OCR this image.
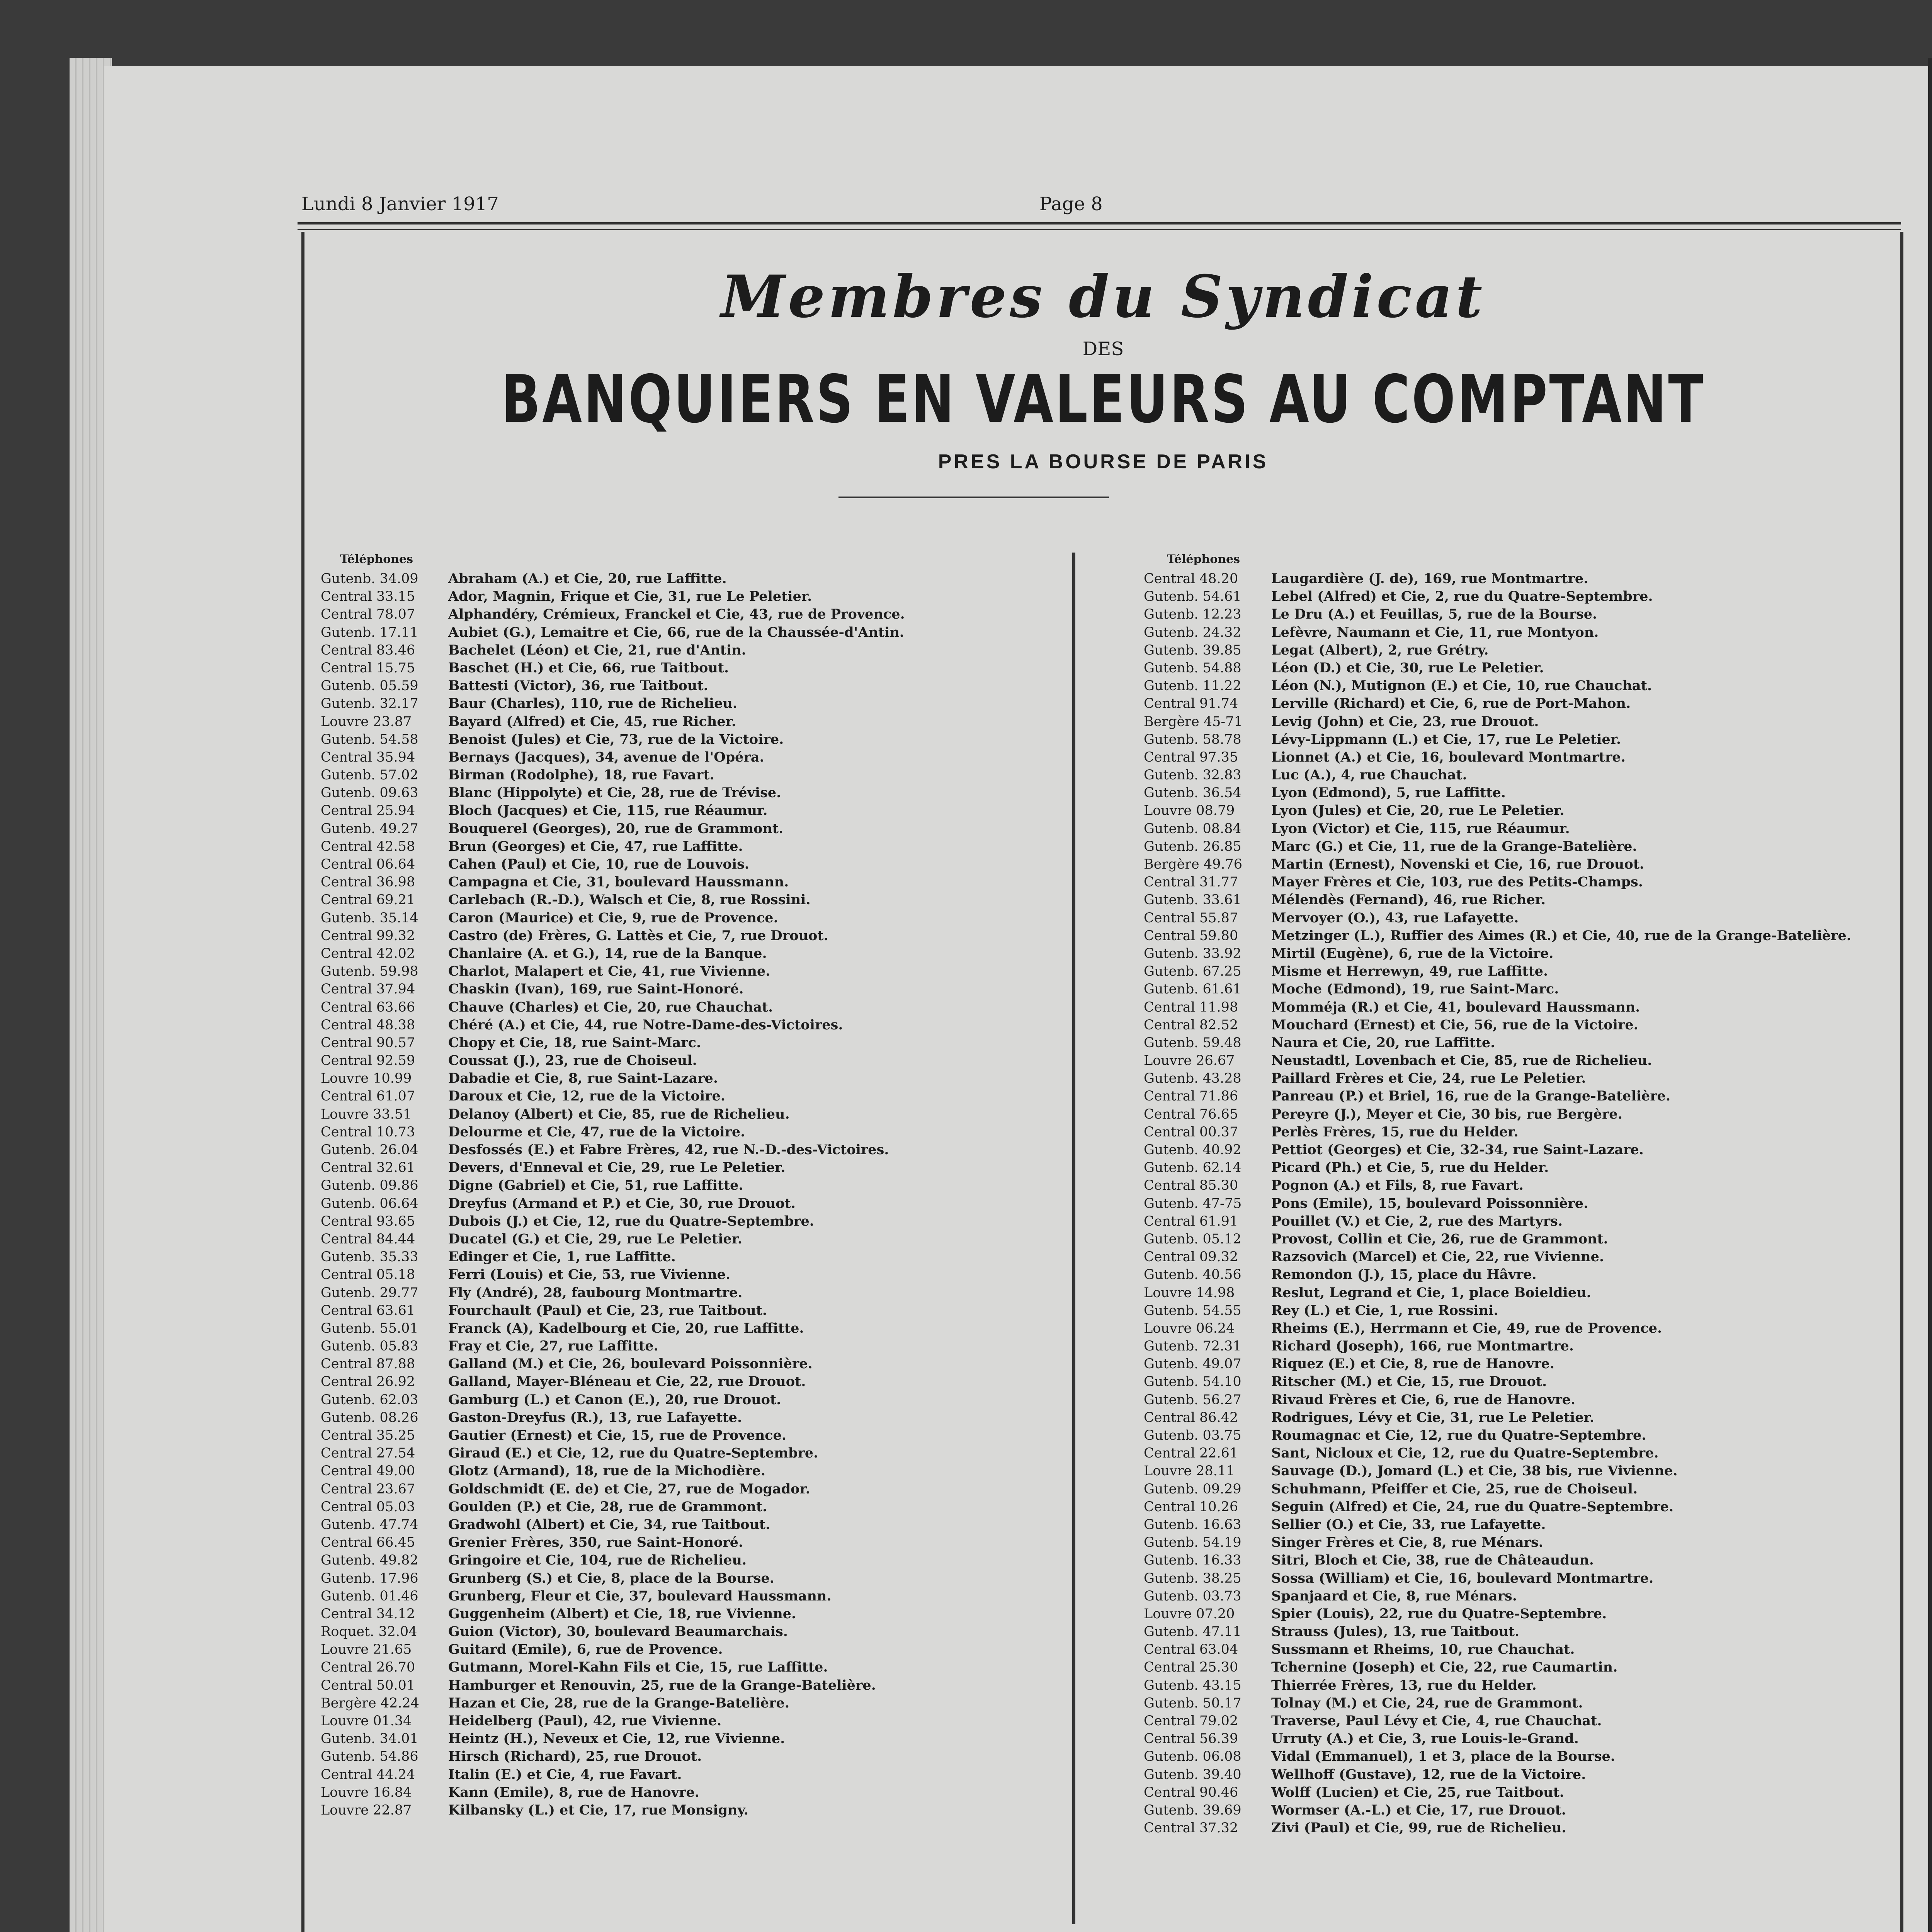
Lundi 8 Janvier 1917	Page 8
Membres du Syndicat
DES
BANQUIERS EN VALEURS AU COMPTANT
PRES LA BOURSE DE PARIS
Téléphones	Téléphones
Gutenb. 34.09 Abraham (A.) et Cie, 20, rue Laffitte.
Central 33.15 Ador, Magnin, Frique et Cie, 31, rue Le Peletier.
Central 78.07 Alphandéry, Crémieux, Franckel et Cie, 43, rue de Provence.
Gutenb. 17.11 Aubiet (G.), Lemaitre et Cie, 66, rue de la Chaussée-d'Antin.
Central 83.46 Bachelet (Léon) et Cie, 21, rue d'Antin.
Central 15.75 Baschet (H.) et Cie, 66, rue Taitbout.
Gutenb. 05.59 Battesti (Victor), 36, rue Taitbout.
Gutenb. 32.17 Baur (Charles), 110, rue de Richelieu.
Louvre 23.87	Bayard (Alfred) et Cie, 45, rue Richer.
Gutenb. 54.58 Benoist (Jules) et Cie, 73, rue de la Victoire.
Central 35.94 Bernays (Jacques), 34, avenue de l'Opéra.
Gutenb. 57.02 Birman (Rodolphe), 18, rue Favart.
Gutenb. 09.63 Blanc (Hippolyte) et Cie, 28, rue de Trévise.
Central 25.94 Bloch (Jacques) et Cie, 115, rue Réaumur.
Gutenb. 49.27 Bouquerel (Georges), 20, rue de Grammont.
Central 42.58 Brun (Georges) et Cie, 47, rue Laffitte.
Central 06.64 Cahen (Paul) et Cie, 10, rue de Louvois.
Central 36.98 Campagna et Cie, 31, boulevard Haussmann.
Central 69.21 Carlebach (R.-D.), Walsch et Cie, 8, rue Rossini.
Gutenb. 35.14 Caron (Maurice) et Cie, 9, rue de Provence.
Central 99.32 Castro (de) Frères, G. Lattès et Cie, 7, rue Drouot.
Central 42.02 Chanlaire (A. et G.), 14, rue de la Banque.
Gutenb. 59.98 Charlot, Malapert et Cie, 41, rue Vivienne.
Central 37.94 Chaskin (Ivan), 169, rue Saint-Honoré.
Central 63.66 Chauve (Charles) et Cie, 20, rue Chauchat.
Central 48.38 Chéré (A.) et Cie, 44, rue Notre-Dame-des-Victoires.
Central 90.57 Chopy et Cie, 18, rue Saint-Marc.
Central 92.59 Coussat (J.), 23, rue de Choiseul.
Louvre 10.99	Dabadie et Cie, 8, rue Saint-Lazare.
Central 61.07 Daroux et Cie, 12, rue de la Victoire.
Louvre 33.51	Delanoy (Albert) et Cie, 85, rue de Richelieu.
Central 10.73 Delourme et Cie, 47, rue de la Victoire.
Gutenb. 26.04 Desfossés (E.) et Fabre Frères, 42, rue N.-D.-des-Victoires.
Central 32.61 Devers, d'Enneval et Cie, 29, rue Le Peletier.
Gutenb. 09.86 Digne (Gabriel) et Cie, 51, rue Laffitte.
Gutenb. 06.64 Dreyfus (Armand et P.) et Cie, 30, rue Drouot.
Central 93.65 Dubois (J.) et Cie, 12, rue du Quatre-Septembre.
Central 84.44 Ducatel (G.) et Cie, 29, rue Le Peletier.
Gutenb. 35.33 Edinger et Cie, 1, rue Laffitte.
Central 05.18 Ferri (Louis) et Cie, 53, rue Vivienne.
Gutenb. 29.77 Fly (André), 28, faubourg Montmartre.
Central 63.61 Fourchault (Paul) et Cie, 23, rue Taitbout.
Gutenb. 55.01 Franck (A), Kadelbourg et Cie, 20, rue Laffitte.
Gutenb. 05.83 Fray et Cie, 27, rue Laffitte.
Central 87.88 Galland (M.) et Cie, 26, boulevard Poissonnière.
Central 26.92 Galland, Mayer-Bléneau et Cie, 22, rue Drouot.
Gutenb. 62.03 Gamburg (L.) et Canon (E.), 20, rue Drouot.
Gutenb. 08.26 Gaston-Dreyfus (R.), 13, rue Lafayette.
Central 35.25 Gautier (Ernest) et Cie, 15, rue de Provence.
Central 27.54 Giraud (E.) et Cie, 12, rue du Quatre-Septembre.
Central 49.00 Glotz (Armand), 18, rue de la Michodière.
Central 23.67 Goldschmidt (E. de) et Cie, 27, rue de Mogador.
Central 05.03 Goulden (P.) et Cie, 28, rue de Grammont.
Gutenb. 47.74 Gradwohl (Albert) et Cie, 34, rue Taitbout.
Central 66.45 Grenier Frères, 350, rue Saint-Honoré.
Gutenb. 49.82 Gringoire et Cie, 104, rue de Richelieu.
Gutenb. 17.96 Grunberg (S.) et Cie, 8, place de la Bourse.
Gutenb. 01.46 Grunberg, Fleur et Cie, 37, boulevard Haussmann.
Central 34.12 Guggenheim (Albert) et Cie, 18, rue Vivienne.
Roquet. 32.04 Guion (Victor), 30, boulevard Beaumarchais.
Louvre 21.65	Guitard (Emile), 6, rue de Provence.
Central 26.70 Gutmann, Morel-Kahn Fils et Cie, 15, rue Laffitte.
Central 50.01 Hamburger et Renouvin, 25, rue de la Grange-Batelière.
Bergère 42.24 Hazan et Cie, 28, rue de la Grange-Batelière.
Louvre 01.34	Heidelberg (Paul), 42, rue Vivienne.
Gutenb. 34.01 Heintz (H.), Neveux et Cie, 12, rue Vivienne.
Gutenb. 54.86 Hirsch (Richard), 25, rue Drouot.
Central 44.24 Italin (E.) et Cie, 4, rue Favart.
Louvre 16.84	Kann (Emile), 8, rue de Hanovre.
Louvre 22.87	Kilbansky (L.) et Cie, 17, rue Monsigny.
Central 48.20 Laugardière (J. de), 169, rue Montmartre.
Gutenb. 54.61 Lebel (Alfred) et Cie, 2, rue du Quatre-Septembre.
Gutenb. 12.23 Le Dru (A.) et Feuillas, 5, rue de la Bourse.
Gutenb. 24.32 Lefèvre, Naumann et Cie, 11, rue Montyon.
Gutenb. 39.85 Legat (Albert), 2, rue Grétry.
Gutenb. 54.88 Léon (D.) et Cie, 30, rue Le Peletier.
Gutenb. 11.22 Léon (N.), Mutignon (E.) et Cie, 10, rue Chauchat.
Central 91.74 Lerville (Richard) et Cie, 6, rue de Port-Mahon.
Bergère 45-71 Levig (John) et Cie, 23, rue Drouot.
Gutenb. 58.78 Lévy-Lippmann (L.) et Cie, 17, rue Le Peletier.
Central 97.35 Lionnet (A.) et Cie, 16, boulevard Montmartre.
Gutenb. 32.83 Luc (A.), 4, rue Chauchat.
Gutenb. 36.54 Lyon (Edmond), 5, rue Laffitte.
Louvre 08.79	Lyon (Jules) et Cie, 20, rue Le Peletier.
Gutenb. 08.84 Lyon (Victor) et Cie, 115, rue Réaumur.
Gutenb. 26.85 Marc (G.) et Cie, 11, rue de la Grange-Batelière.
Bergère 49.76 Martin (Ernest), Novenski et Cie, 16, rue Drouot.
Central 31.77 Mayer Frères et Cie, 103, rue des Petits-Champs.
Gutenb. 33.61 Mélendès (Fernand), 46, rue Richer.
Central 55.87 Mervoyer (O.), 43, rue Lafayette.
Central 59.80 Metzinger (L.), Ruffier des Aimes (R.) et Cie, 40, rue de la Grange-Batelière.
Gutenb. 33.92 Mirtil (Eugène), 6, rue de la Victoire.
Gutenb. 67.25 Misme et Herrewyn, 49, rue Laffitte.
Gutenb. 61.61 Moche (Edmond), 19, rue Saint-Marc.
Central 11.98 Momméja (R.) et Cie, 41, boulevard Haussmann.
Central 82.52 Mouchard (Ernest) et Cie, 56, rue de la Victoire.
Gutenb. 59.48 Naura et Cie, 20, rue Laffitte.
Louvre 26.67	Neustadtl, Lovenbach et Cie, 85, rue de Richelieu.
Gutenb. 43.28 Paillard Frères et Cie, 24, rue Le Peletier.
Central 71.86 Panreau (P.) et Briel, 16, rue de la Grange-Batelière.
Central 76.65 Pereyre (J.), Meyer et Cie, 30 bis, rue Bergère.
Central 00.37 Perlès Frères, 15, rue du Helder.
Gutenb. 40.92 Pettiot (Georges) et Cie, 32-34, rue Saint-Lazare.
Gutenb. 62.14 Picard (Ph.) et Cie, 5, rue du Helder.
Central 85.30 Pognon (A.) et Fils, 8, rue Favart.
Gutenb. 47-75 Pons (Emile), 15, boulevard Poissonnière.
Central 61.91 Pouillet (V.) et Cie, 2, rue des Martyrs.
Gutenb. 05.12 Provost, Collin et Cie, 26, rue de Grammont.
Central 09.32 Razsovich (Marcel) et Cie, 22, rue Vivienne.
Gutenb. 40.56 Remondon (J.), 15, place du Hâvre.
Louvre 14.98	Reslut, Legrand et Cie, 1, place Boieldieu.
Gutenb. 54.55 Rey (L.) et Cie, 1, rue Rossini.
Louvre 06.24	Rheims (E.), Herrmann et Cie, 49, rue de Provence.
Gutenb. 72.31 Richard (Joseph), 166, rue Montmartre.
Gutenb. 49.07 Riquez (E.) et Cie, 8, rue de Hanovre.
Gutenb. 54.10 Ritscher (M.) et Cie, 15, rue Drouot.
Gutenb. 56.27 Rivaud Frères et Cie, 6, rue de Hanovre.
Central 86.42 Rodrigues, Lévy et Cie, 31, rue Le Peletier.
Gutenb. 03.75 Roumagnac et Cie, 12, rue du Quatre-Septembre.
Central 22.61 Sant, Nicloux et Cie, 12, rue du Quatre-Septembre.
Louvre 28.11	Sauvage (D.), Jomard (L.) et Cie, 38 bis, rue Vivienne.
Gutenb. 09.29 Schuhmann, Pfeiffer et Cie, 25, rue de Choiseul.
Central 10.26 Seguin (Alfred) et Cie, 24, rue du Quatre-Septembre.
Gutenb. 16.63 Sellier (O.) et Cie, 33, rue Lafayette.
Gutenb. 54.19 Singer Frères et Cie, 8, rue Ménars.
Gutenb. 16.33 Sitri, Bloch et Cie, 38, rue de Châteaudun.
Gutenb. 38.25 Sossa (William) et Cie, 16, boulevard Montmartre.
Gutenb. 03.73 Spanjaard et Cie, 8, rue Ménars.
Louvre 07.20	Spier (Louis), 22, rue du Quatre-Septembre.
Gutenb. 47.11 Strauss (Jules), 13, rue Taitbout.
Central 63.04 Sussmann et Rheims, 10, rue Chauchat.
Central 25.30 Tchernine (Joseph) et Cie, 22, rue Caumartin.
Gutenb. 43.15 Thierrée Frères, 13, rue du Helder.
Gutenb. 50.17 Tolnay (M.) et Cie, 24, rue de Grammont.
Central 79.02 Traverse, Paul Lévy et Cie, 4, rue Chauchat.
Central 56.39 Urruty (A.) et Cie, 3, rue Louis-le-Grand.
Gutenb. 06.08 Vidal (Emmanuel), 1 et 3, place de la Bourse.
Gutenb. 39.40 Wellhoff (Gustave), 12, rue de la Victoire.
Central 90.46 Wolff (Lucien) et Cie, 25, rue Taitbout.
Gutenb. 39.69 Wormser (A.-L.) et Cie, 17, rue Drouot.
Central 37.32 Zivi (Paul) et Cie, 99, rue de Richelieu.
